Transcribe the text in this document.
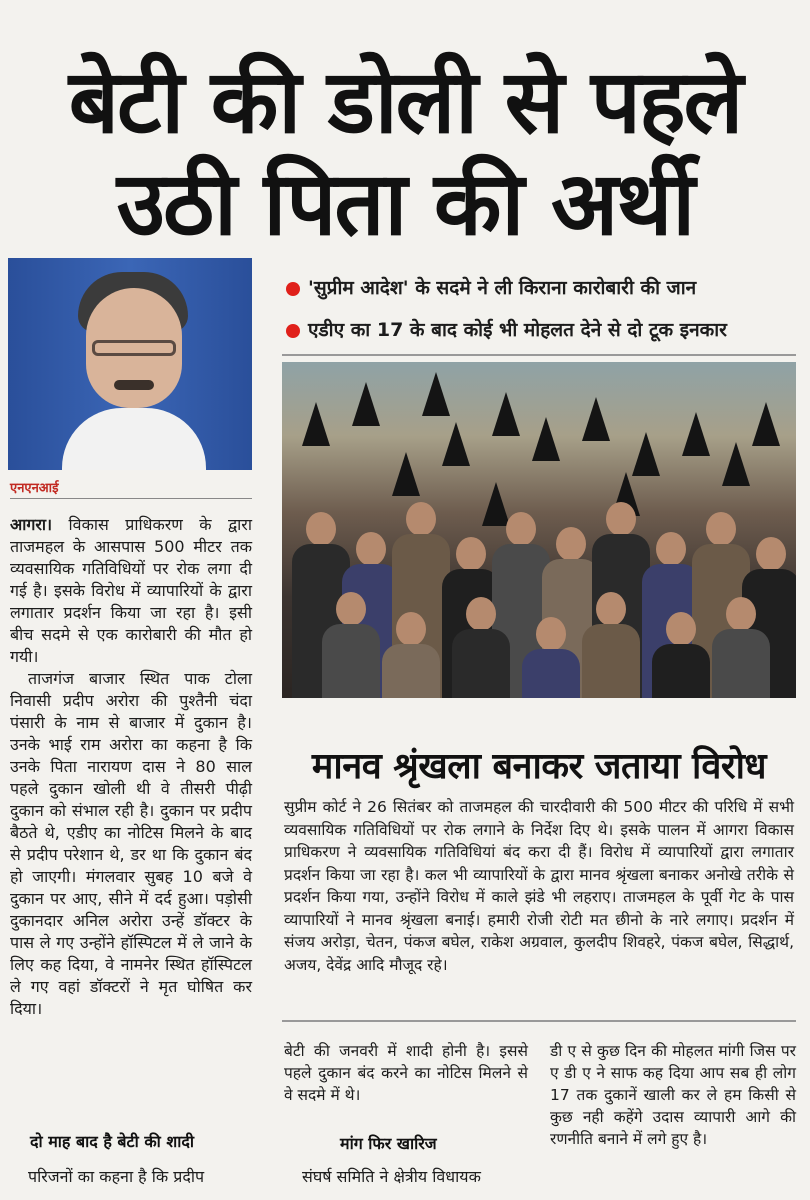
बेटी की डोली से पहले
उठी पिता की अर्थी
एनएनआई
'सुप्रीम आदेश' के सदमे ने ली किराना कारोबारी की जान
एडीए का 17 के बाद कोई भी मोहलत देने से दो टूक इनकार
मानव श्रृंखला बनाकर जताया विरोध

आगरा। विकास प्राधिकरण के द्वारा ताजमहल के आसपास 500 मीटर तक व्यवसायिक गतिविधियों पर रोक लगा दी गई है। इसके विरोध में व्यापारियों के द्वारा लगातार प्रदर्शन किया जा रहा है। इसी बीच सदमे से एक कारोबारी की मौत हो गयी।

ताजगंज बाजार स्थित पाक टोला निवासी प्रदीप अरोरा की पुश्तैनी चंदा पंसारी के नाम से बाजार में दुकान है। उनके भाई राम अरोरा का कहना है कि उनके पिता नारायण दास ने 80 साल पहले दुकान खोली थी वे तीसरी पीढ़ी दुकान को संभाल रही है। दुकान पर प्रदीप बैठते थे, एडीए का नोटिस मिलने के बाद से प्रदीप परेशान थे, डर था कि दुकान बंद हो जाएगी। मंगलवार सुबह 10 बजे वे दुकान पर आए, सीने में दर्द हुआ। पड़ोसी दुकानदार अनिल अरोरा उन्हें डॉक्टर के पास ले गए उन्होंने हॉस्पिटल में ले जाने के लिए कह दिया, वे नामनेर स्थित हॉस्पिटल ले गए वहां डॉक्टरों ने मृत घोषित कर दिया।

सुप्रीम कोर्ट ने 26 सितंबर को ताजमहल की चारदीवारी की 500 मीटर की परिधि में सभी व्यवसायिक गतिविधियों पर रोक लगाने के निर्देश दिए थे। इसके पालन में आगरा विकास प्राधिकरण ने व्यवसायिक गतिविधियां बंद करा दी हैं। विरोध में व्यापारियों द्वारा लगातार प्रदर्शन किया जा रहा है। कल भी व्यापारियों के द्वारा मानव श्रृंखला बनाकर अनोखे तरीके से प्रदर्शन किया गया, उन्होंने विरोध में काले झंडे भी लहराए। ताजमहल के पूर्वी गेट के पास व्यापारियों ने मानव श्रृंखला बनाई। हमारी रोजी रोटी मत छीनो के नारे लगाए। प्रदर्शन में संजय अरोड़ा, चेतन, पंकज बघेल, राकेश अग्रवाल, कुलदीप शिवहरे, पंकज बघेल, सिद्धार्थ, अजय, देवेंद्र आदि मौजूद रहे।
बेटी की जनवरी में शादी होनी है। इससे पहले दुकान बंद करने का नोटिस मिलने से वे सदमे में थे।
डी ए से कुछ दिन की मोहलत मांगी जिस पर ए डी ए ने साफ कह दिया आप सब ही लोग 17 तक दुकानें खाली कर ले हम किसी से कुछ नही कहेंगे उदास व्यापारी आगे की रणनीति बनाने में लगे हुए है।
दो माह बाद है बेटी की शादी	मांग फिर खारिज
परिजनों का कहना है कि प्रदीप	संघर्ष समिति ने क्षेत्रीय विधायक
